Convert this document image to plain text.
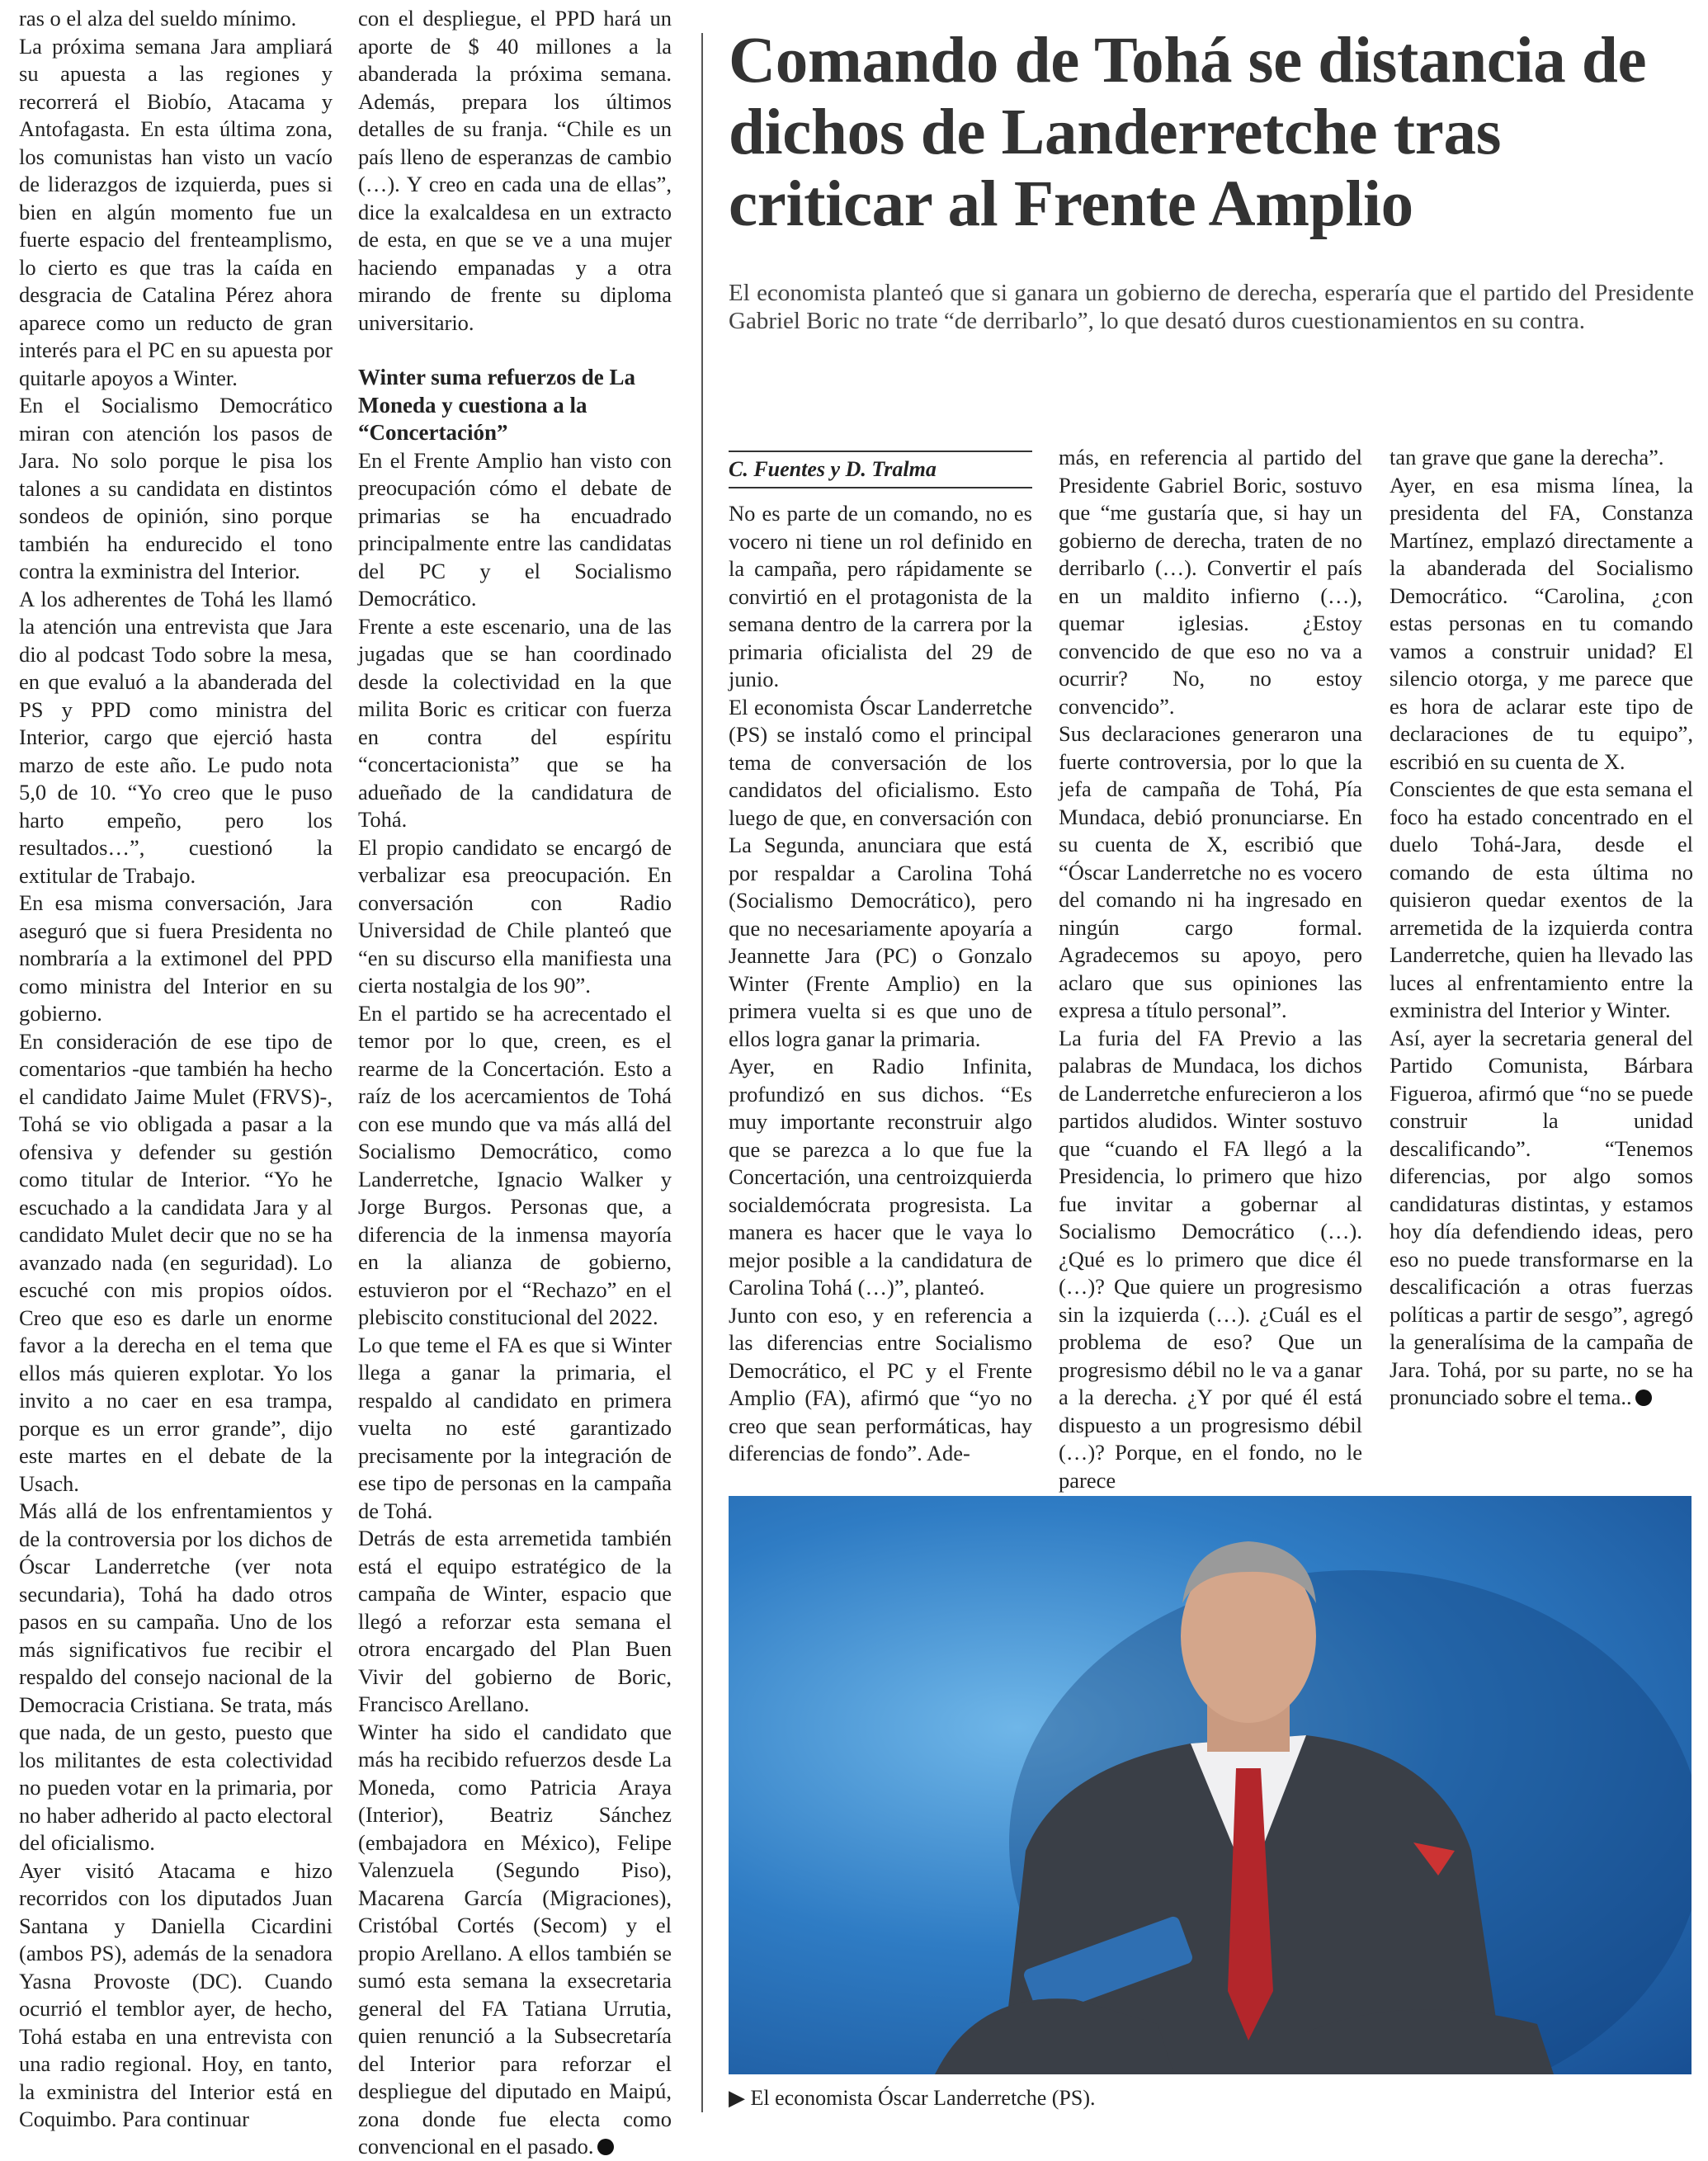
ras o el alza del sueldo mínimo.

La próxima semana Jara ampliará su apuesta a las regiones y recorrerá el Biobío, Atacama y Antofagasta. En esta última zona, los comunistas han visto un vacío de liderazgos de izquierda, pues si bien en algún momento fue un fuerte espacio del frenteamplismo, lo cierto es que tras la caída en desgracia de Catalina Pérez ahora aparece como un reducto de gran interés para el PC en su apuesta por quitarle apoyos a Winter.

En el Socialismo Democrático miran con atención los pasos de Jara. No solo porque le pisa los talones a su candidata en distintos sondeos de opinión, sino porque también ha endurecido el tono contra la exministra del Interior.

A los adherentes de Tohá les llamó la atención una entrevista que Jara dio al podcast Todo sobre la mesa, en que evaluó a la abanderada del PS y PPD como ministra del Interior, cargo que ejerció hasta marzo de este año. Le pudo nota 5,0 de 10. “Yo creo que le puso harto empeño, pero los resultados…”, cuestionó la extitular de Trabajo.

En esa misma conversación, Jara aseguró que si fuera Presidenta no nombraría a la extimonel del PPD como ministra del Interior en su gobierno.

En consideración de ese tipo de comentarios -que también ha hecho el candidato Jaime Mulet (FRVS)-, Tohá se vio obligada a pasar a la ofensiva y defender su gestión como titular de Interior. “Yo he escuchado a la candidata Jara y al candidato Mulet decir que no se ha avanzado nada (en seguridad). Lo escuché con mis propios oídos. Creo que eso es darle un enorme favor a la derecha en el tema que ellos más quieren explotar. Yo los invito a no caer en esa trampa, porque es un error grande”, dijo este martes en el debate de la Usach.

Más allá de los enfrentamientos y de la controversia por los dichos de Óscar Landerretche (ver nota secundaria), Tohá ha dado otros pasos en su campaña. Uno de los más significativos fue recibir el respaldo del consejo nacional de la Democracia Cristiana. Se trata, más que nada, de un gesto, puesto que los militantes de esta colectividad no pueden votar en la primaria, por no haber adherido al pacto electoral del oficialismo.

Ayer visitó Atacama e hizo recorridos con los diputados Juan Santana y Daniella Cicardini (ambos PS), además de la senadora Yasna Provoste (DC). Cuando ocurrió el temblor ayer, de hecho, Tohá estaba en una entrevista con una radio regional. Hoy, en tanto, la exministra del Interior está en Coquimbo. Para continuar

con el despliegue, el PPD hará un aporte de $ 40 millones a la abanderada la próxima semana. Además, prepara los últimos detalles de su franja. “Chile es un país lleno de esperanzas de cambio (…). Y creo en cada una de ellas”, dice la exalcaldesa en un extracto de esta, en que se ve a una mujer haciendo empanadas y a otra mirando de frente su diploma universitario.

Winter suma refuerzos de La Moneda y cuestiona a la “Concertación”

En el Frente Amplio han visto con preocupación cómo el debate de primarias se ha encuadrado principalmente entre las candidatas del PC y el Socialismo Democrático.

Frente a este escenario, una de las jugadas que se han coordinado desde la colectividad en la que milita Boric es criticar con fuerza en contra del espíritu “concertacionista” que se ha adueñado de la candidatura de Tohá.

El propio candidato se encargó de verbalizar esa preocupación. En conversación con Radio Universidad de Chile planteó que “en su discurso ella manifiesta una cierta nostalgia de los 90”.

En el partido se ha acrecentado el temor por lo que, creen, es el rearme de la Concertación. Esto a raíz de los acercamientos de Tohá con ese mundo que va más allá del Socialismo Democrático, como Landerretche, Ignacio Walker y Jorge Burgos. Personas que, a diferencia de la inmensa mayoría en la alianza de gobierno, estuvieron por el “Rechazo” en el plebiscito constitucional del 2022.

Lo que teme el FA es que si Winter llega a ganar la primaria, el respaldo al candidato en primera vuelta no esté garantizado precisamente por la integración de ese tipo de personas en la campaña de Tohá.

Detrás de esta arremetida también está el equipo estratégico de la campaña de Winter, espacio que llegó a reforzar esta semana el otrora encargado del Plan Buen Vivir del gobierno de Boric, Francisco Arellano.

Winter ha sido el candidato que más ha recibido refuerzos desde La Moneda, como Patricia Araya (Interior), Beatriz Sánchez (embajadora en México), Felipe Valenzuela (Segundo Piso), Macarena García (Migraciones), Cristóbal Cortés (Secom) y el propio Arellano. A ellos también se sumó esta semana la exsecretaria general del FA Tatiana Urrutia, quien renunció a la Subsecretaría del Interior para reforzar el despliegue del diputado en Maipú, zona donde fue electa como convencional en el pasado.

Comando de Tohá se distancia de dichos de Landerretche tras criticar al Frente Amplio

El economista planteó que si ganara un gobierno de derecha, esperaría que el partido del Presidente Gabriel Boric no trate “de derribarlo”, lo que desató duros cuestionamientos en su contra.

C. Fuentes y D. Tralma

No es parte de un comando, no es vocero ni tiene un rol definido en la campaña, pero rápidamente se convirtió en el protagonista de la semana dentro de la carrera por la primaria oficialista del 29 de junio.

El economista Óscar Landerretche (PS) se instaló como el principal tema de conversación de los candidatos del oficialismo. Esto luego de que, en conversación con La Segunda, anunciara que está por respaldar a Carolina Tohá (Socialismo Democrático), pero que no necesariamente apoyaría a Jeannette Jara (PC) o Gonzalo Winter (Frente Amplio) en la primera vuelta si es que uno de ellos logra ganar la primaria.

Ayer, en Radio Infinita, profundizó en sus dichos. “Es muy importante reconstruir algo que se parezca a lo que fue la Concertación, una centroizquierda socialdemócrata progresista. La manera es hacer que le vaya lo mejor posible a la candidatura de Carolina Tohá (…)”, planteó.

Junto con eso, y en referencia a las diferencias entre Socialismo Democrático, el PC y el Frente Amplio (FA), afirmó que “yo no creo que sean performáticas, hay diferencias de fondo”. Ade-

más, en referencia al partido del Presidente Gabriel Boric, sostuvo que “me gustaría que, si hay un gobierno de derecha, traten de no derribarlo (…). Convertir el país en un maldito infierno (…), quemar iglesias. ¿Estoy convencido de que eso no va a ocurrir? No, no estoy convencido”.

Sus declaraciones generaron una fuerte controversia, por lo que la jefa de campaña de Tohá, Pía Mundaca, debió pronunciarse. En su cuenta de X, escribió que “Óscar Landerretche no es vocero del comando ni ha ingresado en ningún cargo formal. Agradecemos su apoyo, pero aclaro que sus opiniones las expresa a título personal”.

La furia del FA Previo a las palabras de Mundaca, los dichos de Landerretche enfurecieron a los partidos aludidos. Winter sostuvo que “cuando el FA llegó a la Presidencia, lo primero que hizo fue invitar a gobernar al Socialismo Democrático (…). ¿Qué es lo primero que dice él (…)? Que quiere un progresismo sin la izquierda (…). ¿Cuál es el problema de eso? Que un progresismo débil no le va a ganar a la derecha. ¿Y por qué él está dispuesto a un progresismo débil (…)? Porque, en el fondo, no le parece

tan grave que gane la derecha”.

Ayer, en esa misma línea, la presidenta del FA, Constanza Martínez, emplazó directamente a la abanderada del Socialismo Democrático. “Carolina, ¿con estas personas en tu comando vamos a construir unidad? El silencio otorga, y me parece que es hora de aclarar este tipo de declaraciones de tu equipo”, escribió en su cuenta de X.

Conscientes de que esta semana el foco ha estado concentrado en el duelo Tohá-Jara, desde el comando de esta última no quisieron quedar exentos de la arremetida de la izquierda contra Landerretche, quien ha llevado las luces al enfrentamiento entre la exministra del Interior y Winter.

Así, ayer la secretaria general del Partido Comunista, Bárbara Figueroa, afirmó que “no se puede construir la unidad descalificando”. “Tenemos diferencias, por algo somos candidaturas distintas, y estamos hoy día defendiendo ideas, pero eso no puede transformarse en la descalificación a otras fuerzas políticas a partir de sesgo”, agregó la generalísima de la campaña de Jara. Tohá, por su parte, no se ha pronunciado sobre el tema..

▶ El economista Óscar Landerretche (PS).
